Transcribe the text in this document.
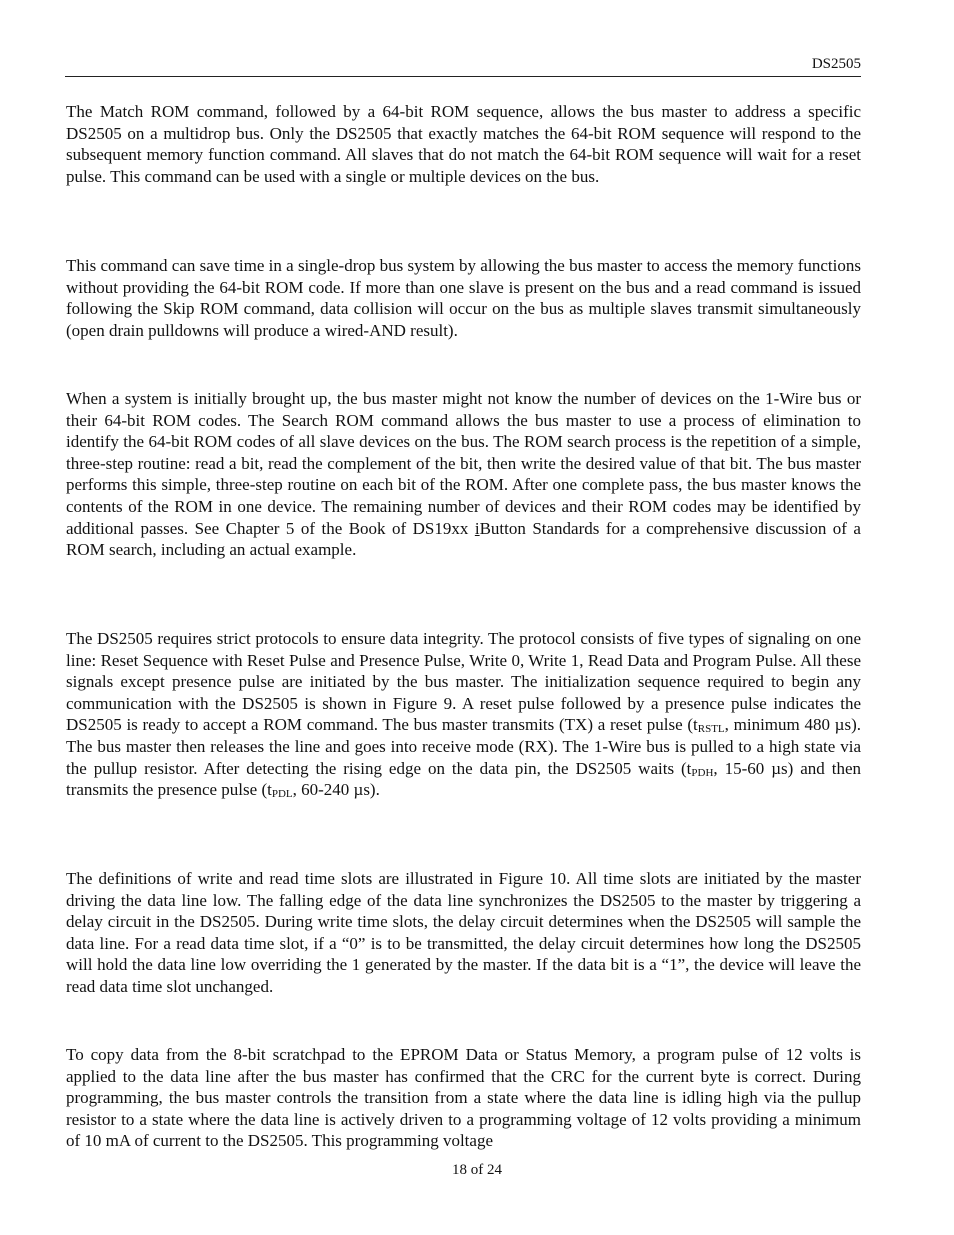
DS2505

The Match ROM command, followed by a 64-bit ROM sequence, allows the bus master to address a specific DS2505 on a multidrop bus. Only the DS2505 that exactly matches the 64-bit ROM sequence will respond to the subsequent memory function command. All slaves that do not match the 64-bit ROM sequence will wait for a reset pulse. This command can be used with a single or multiple devices on the bus.

This command can save time in a single-drop bus system by allowing the bus master to access the memory functions without providing the 64-bit ROM code. If more than one slave is present on the bus and a read command is issued following the Skip ROM command, data collision will occur on the bus as multiple slaves transmit simultaneously (open drain pulldowns will produce a wired-AND result).

When a system is initially brought up, the bus master might not know the number of devices on the 1-Wire bus or their 64-bit ROM codes. The Search ROM command allows the bus master to use a process of elimination to identify the 64-bit ROM codes of all slave devices on the bus. The ROM search process is the repetition of a simple, three-step routine: read a bit, read the complement of the bit, then write the desired value of that bit. The bus master performs this simple, three-step routine on each bit of the ROM. After one complete pass, the bus master knows the contents of the ROM in one device. The remaining number of devices and their ROM codes may be identified by additional passes. See Chapter 5 of the Book of DS19xx iButton Standards for a comprehensive discussion of a ROM search, including an actual example.

The DS2505 requires strict protocols to ensure data integrity. The protocol consists of five types of signaling on one line: Reset Sequence with Reset Pulse and Presence Pulse, Write 0, Write 1, Read Data and Program Pulse. All these signals except presence pulse are initiated by the bus master. The initialization sequence required to begin any communication with the DS2505 is shown in Figure 9. A reset pulse followed by a presence pulse indicates the DS2505 is ready to accept a ROM command. The bus master transmits (TX) a reset pulse ($t_{RSTL}$, minimum 480 µs). The bus master then releases the line and goes into receive mode (RX). The 1-Wire bus is pulled to a high state via the pullup resistor. After detecting the rising edge on the data pin, the DS2505 waits ($t_{PDH}$, 15-60 µs) and then transmits the presence pulse ($t_{PDL}$, 60-240 µs).

The definitions of write and read time slots are illustrated in Figure 10. All time slots are initiated by the master driving the data line low. The falling edge of the data line synchronizes the DS2505 to the master by triggering a delay circuit in the DS2505. During write time slots, the delay circuit determines when the DS2505 will sample the data line. For a read data time slot, if a “0” is to be transmitted, the delay circuit determines how long the DS2505 will hold the data line low overriding the 1 generated by the master. If the data bit is a “1”, the device will leave the read data time slot unchanged.

To copy data from the 8-bit scratchpad to the EPROM Data or Status Memory, a program pulse of 12 volts is applied to the data line after the bus master has confirmed that the CRC for the current byte is correct. During programming, the bus master controls the transition from a state where the data line is idling high via the pullup resistor to a state where the data line is actively driven to a programming voltage of 12 volts providing a minimum of 10 mA of current to the DS2505. This programming voltage

18 of 24
